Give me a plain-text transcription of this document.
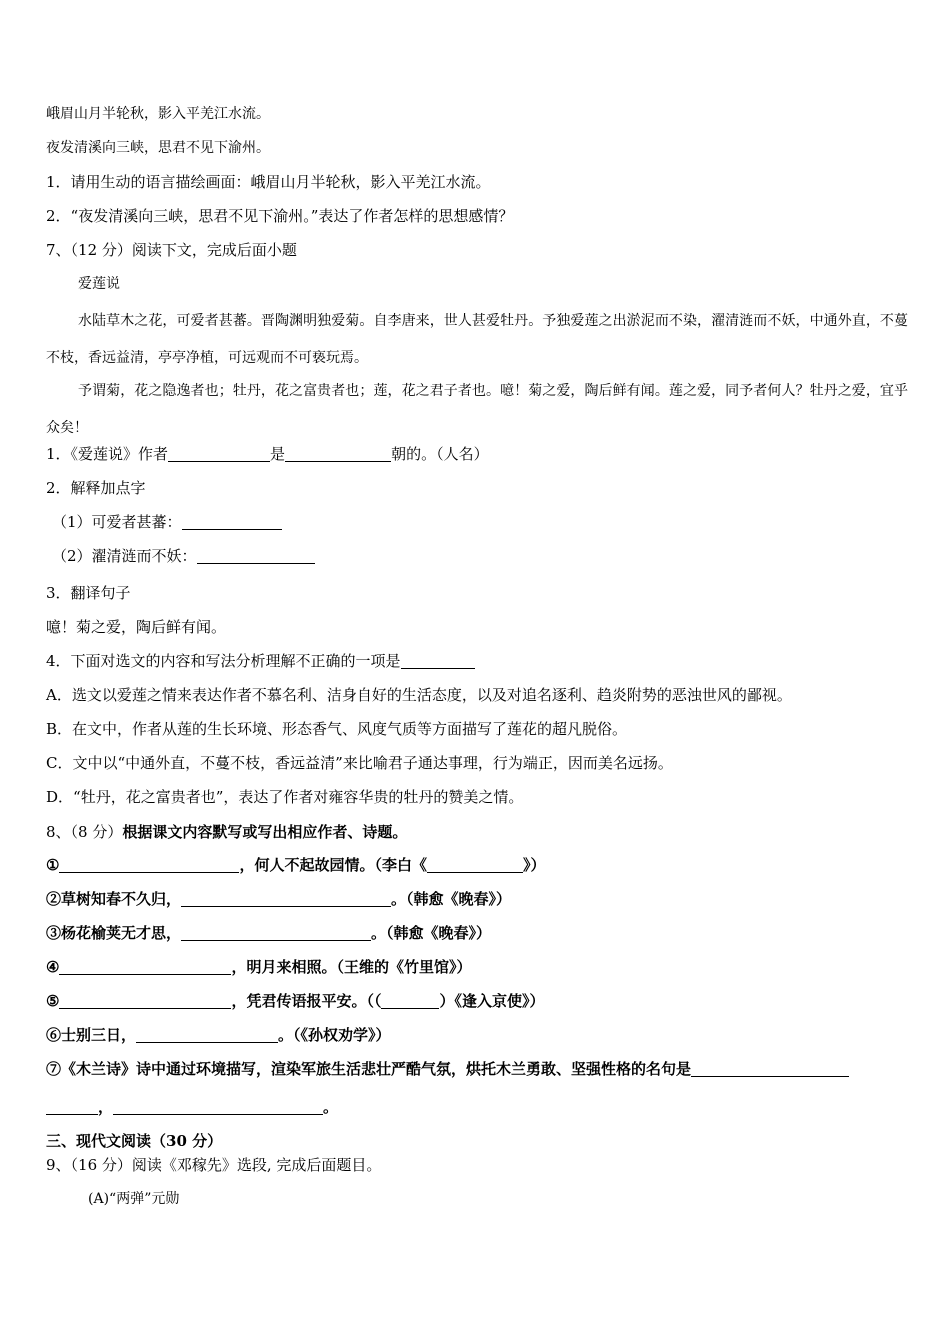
峨眉山月半轮秋，影入平羌江水流。

夜发清溪向三峡，思君不见下渝州。

1．请用生动的语言描绘画面：峨眉山月半轮秋，影入平羌江水流。

2．“夜发清溪向三峡，思君不见下渝州。”表达了作者怎样的思想感情？

7、（12 分）阅读下文，完成后面小题

爱莲说

水陆草木之花，可爱者甚蕃。晋陶渊明独爱菊。自李唐来，世人甚爱牡丹。予独爱莲之出淤泥而不染，濯清涟而不妖，中通外直，不蔓不枝，香远益清，亭亭净植，可远观而不可亵玩焉。

予谓菊，花之隐逸者也；牡丹，花之富贵者也；莲，花之君子者也。噫！菊之爱，陶后鲜有闻。莲之爱，同予者何人？牡丹之爱，宜乎众矣！

1．《爱莲说》作者	是	朝的。（人名）

2．解释加点字

（1）可爱者甚蕃：

（2）濯清涟而不妖：

3．翻译句子

噫！菊之爱，陶后鲜有闻。

4．下面对选文的内容和写法分析理解不正确的一项是

A．选文以爱莲之情来表达作者不慕名利、洁身自好的生活态度，以及对追名逐利、趋炎附势的恶浊世风的鄙视。

B．在文中，作者从莲的生长环境、形态香气、风度气质等方面描写了莲花的超凡脱俗。

C．文中以“中通外直，不蔓不枝，香远益清”来比喻君子通达事理，行为端正，因而美名远扬。

D．“牡丹，花之富贵者也”，表达了作者对雍容华贵的牡丹的赞美之情。

8、（8 分）根据课文内容默写或写出相应作者、诗题。

①	，何人不起故园情。（李白《	》）

②草树知春不久归，	。（韩愈《晚春》）

③杨花榆荚无才思，	。（韩愈《晚春》）

④	，明月来相照。（王维的《竹里馆》）

⑤	，凭君传语报平安。（（	）《逢入京使》）

⑥士别三日，	。（《孙权劝学》）

⑦《木兰诗》诗中通过环境描写，渲染军旅生活悲壮严酷气氛，烘托木兰勇敢、坚强性格的名句是

，	。

三、现代文阅读（30 分）

9、（16 分）阅读《邓稼先》选段, 完成后面题目。

(A)“两弹”元勋
